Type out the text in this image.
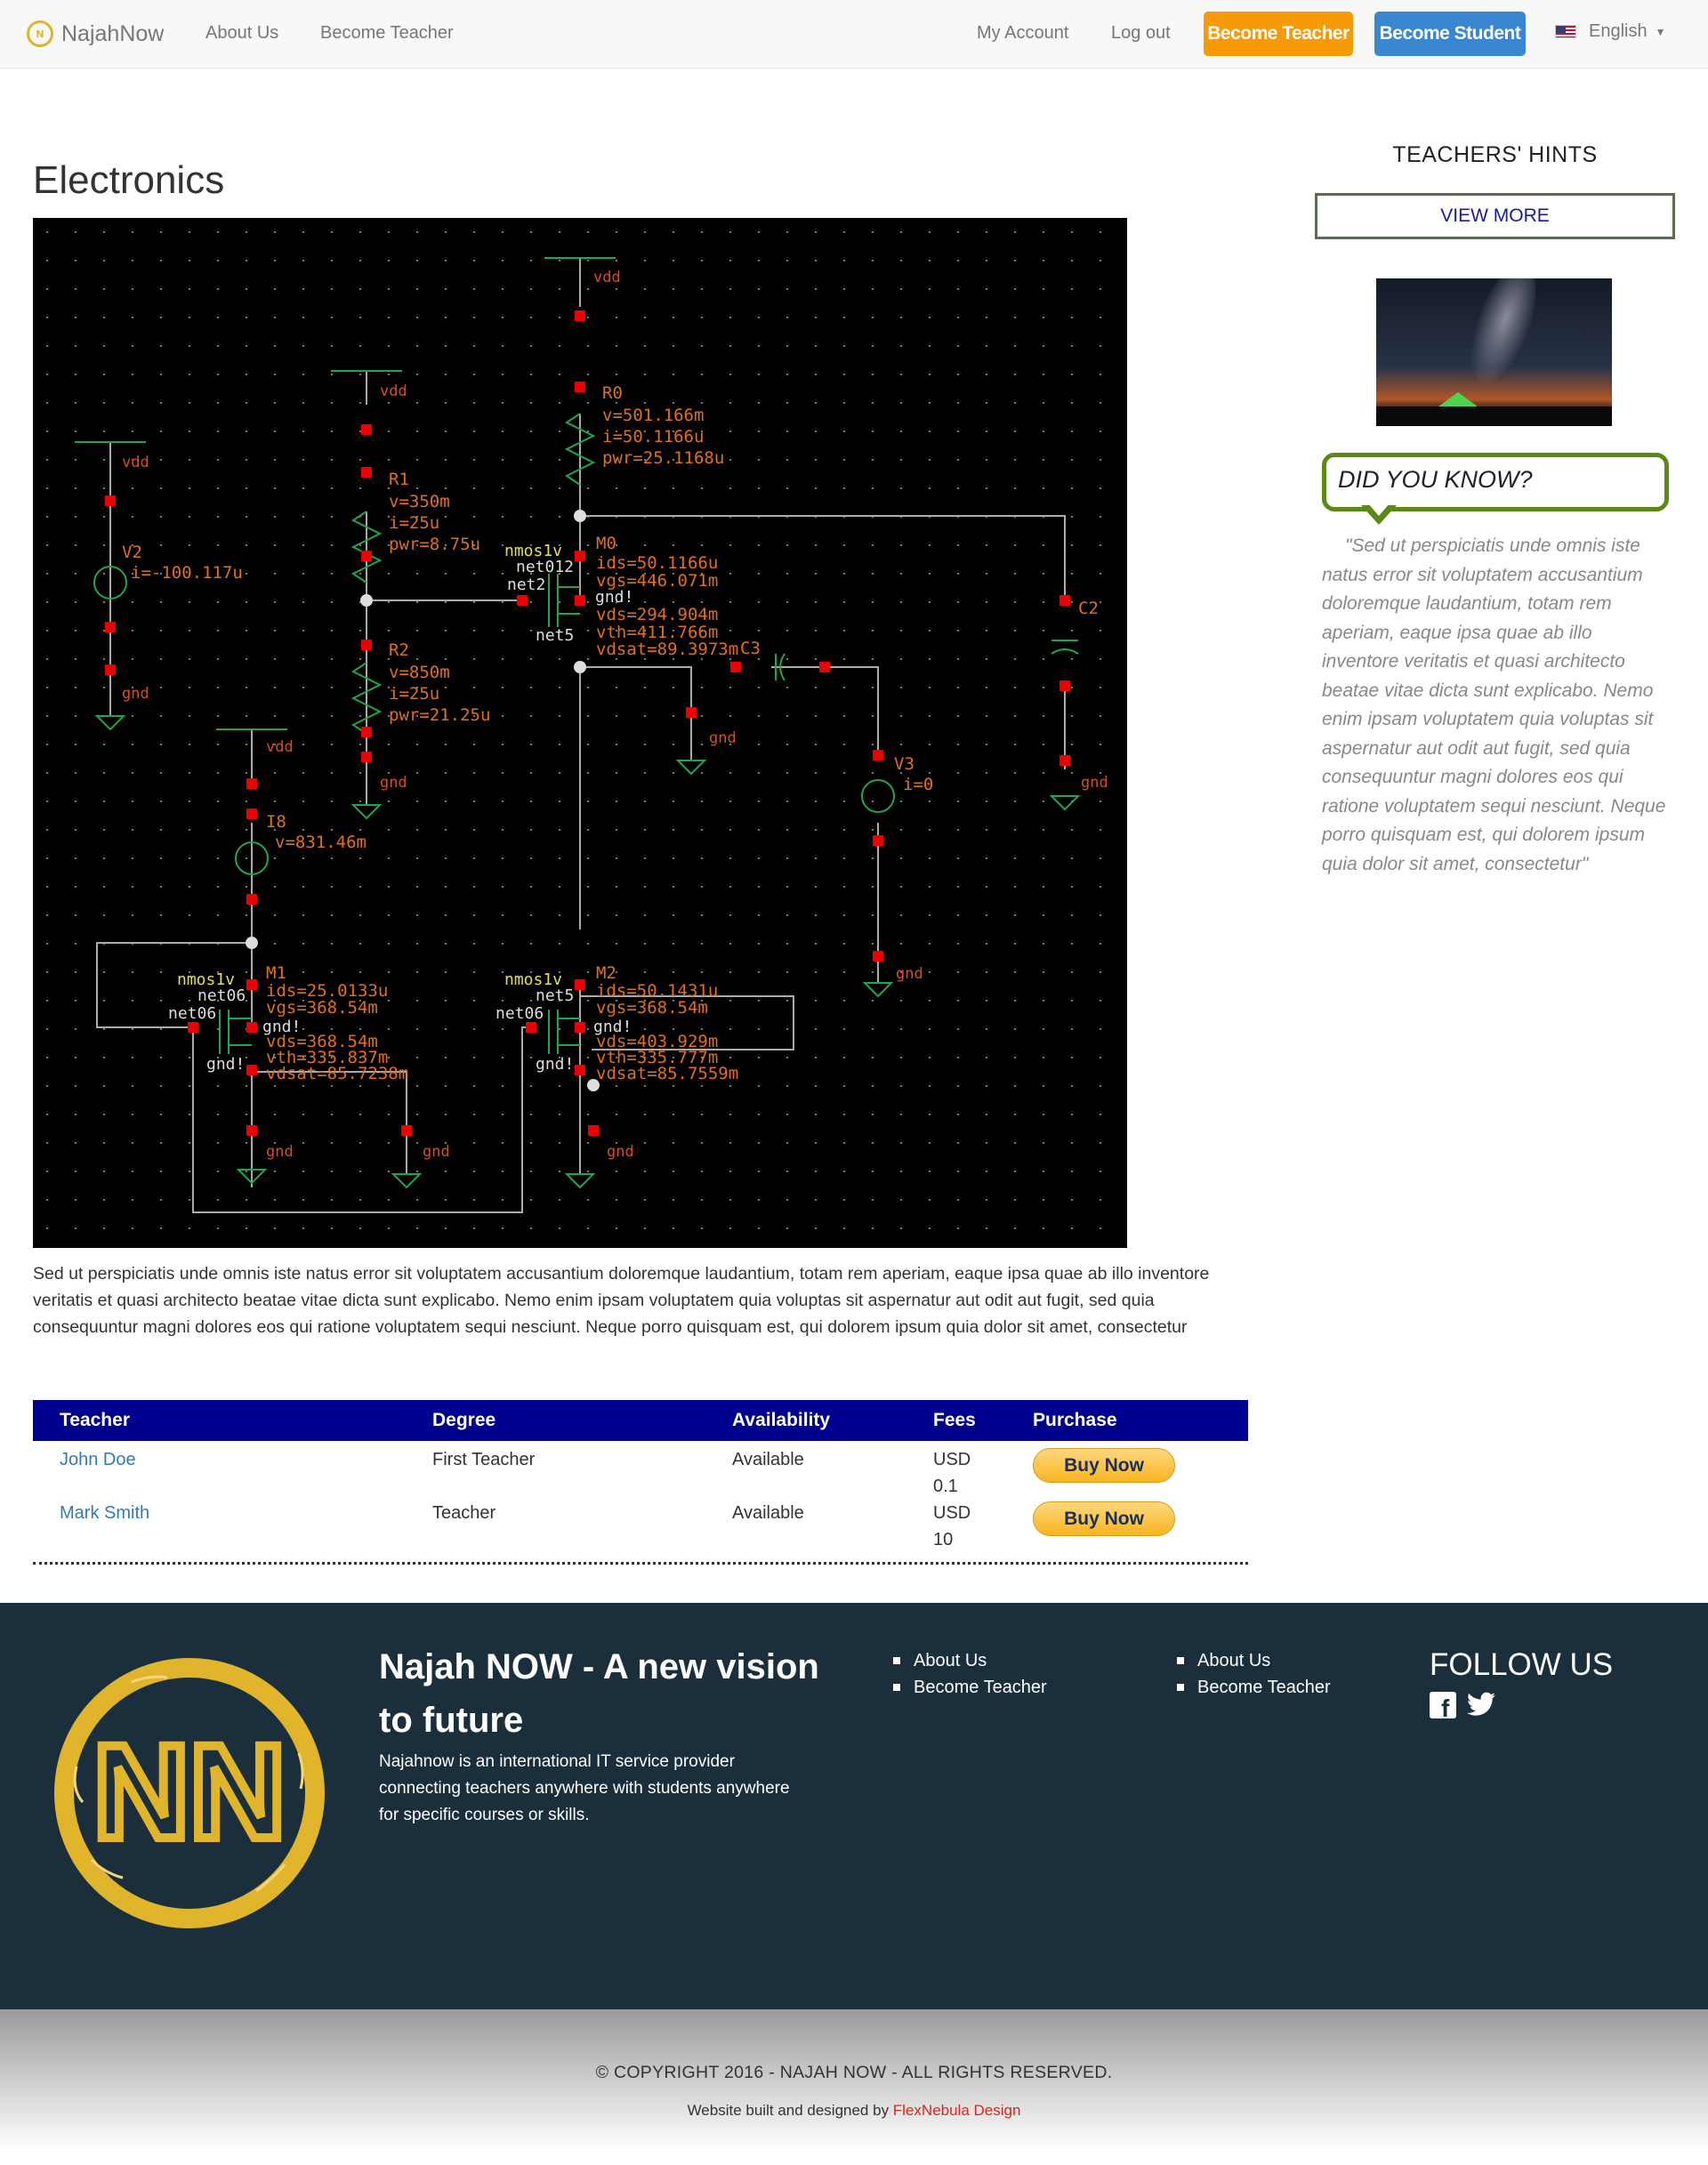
N NajahNow About Us Become Teacher	My Account Log out Become Teacher Become Student	English ▼
Electronics
vdd
vdd
vdd
vdd
gnd
gnd
gnd
gnd
gnd
gnd	gnd	gnd
R0
v=501.166m
i=50.1166u
pwr=25.1168u
R1
v=350m
i=25u
pwr=8.75u
R2
v=850m
i=25u
pwr=21.25u
V2
i=-100.117u
M0
ids=50.1166u
vgs=446.071m
vds=294.904m
vth=411.766m
vdsat=89.3973m
C2
C3
V3
i=0
I8
v=831.46m
M1
ids=25.0133u
vgs=368.54m
vds=368.54m
vth=335.837m
vdsat=85.7238m
M2
ids=50.1431u
vgs=368.54m
vds=403.929m
vth=335.777m
vdsat=85.7559m
nmos1v
nmos1v	nmos1v
net012
net2
net5
gnd!
net06
net06
net5
net06
gnd!
gnd!
gnd!
gnd!

Sed ut perspiciatis unde omnis iste natus error sit voluptatem accusantium doloremque laudantium, totam rem aperiam, eaque ipsa quae ab illo inventore veritatis et quasi architecto beatae vitae dicta sunt explicabo. Nemo enim ipsam voluptatem quia voluptas sit aspernatur aut odit aut fugit, sed quia consequuntur magni dolores eos qui ratione voluptatem sequi nesciunt. Neque porro quisquam est, qui dolorem ipsum quia dolor sit amet, consectetur

Teacher	Degree	Availability	Fees	Purchase
John Doe	First Teacher	Available	USD
0.1
Buy Now
Mark Smith	Teacher	Available	USD
10
Buy Now
TEACHERS' HINTS
VIEW MORE
DID YOU KNOW?

"Sed ut perspiciatis unde omnis iste natus error sit voluptatem accusantium doloremque laudantium, totam rem aperiam, eaque ipsa quae ab illo inventore veritatis et quasi architecto beatae vitae dicta sunt explicabo. Nemo enim ipsam voluptatem quia voluptas sit aspernatur aut odit aut fugit, sed quia consequuntur magni dolores eos qui ratione voluptatem sequi nesciunt. Neque porro quisquam est, qui dolorem ipsum quia dolor sit amet, consectetur"

NN
Najah NOW - A new vision to future
Najahnow is an international IT service provider connecting teachers anywhere with students anywhere for specific courses or skills.
About Us
Become Teacher
About Us
Become Teacher
FOLLOW US
f
© COPYRIGHT 2016 - NAJAH NOW - ALL RIGHTS RESERVED.
Website built and designed by FlexNebula Design
